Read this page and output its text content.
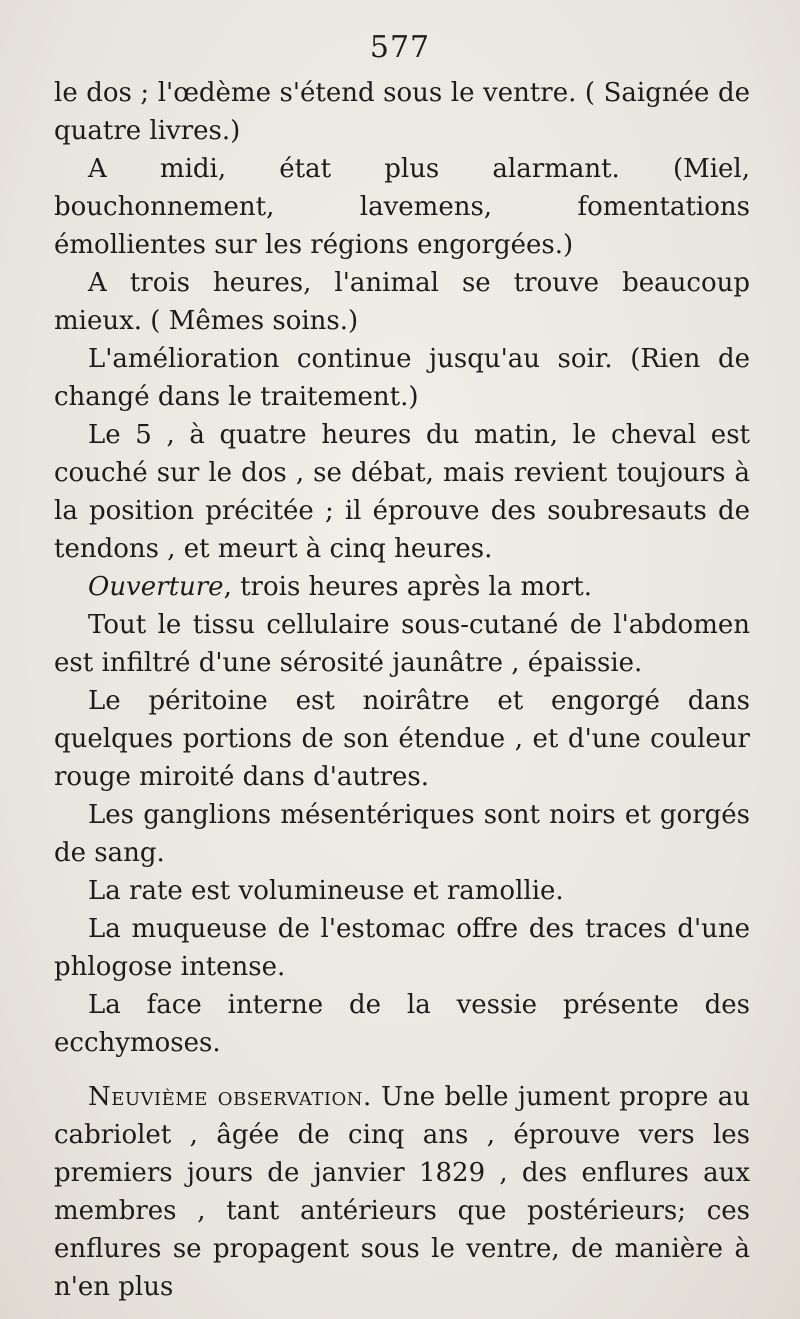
577

le dos ; l'œdème s'étend sous le ventre. ( Saignée de quatre livres.)

A midi, état plus alarmant. (Miel, bouchonnement, lavemens, fomentations émollientes sur les régions engorgées.)

A trois heures, l'animal se trouve beaucoup mieux. ( Mêmes soins.)

L'amélioration continue jusqu'au soir. (Rien de changé dans le traitement.)

Le 5 , à quatre heures du matin, le cheval est couché sur le dos , se débat, mais revient toujours à la position précitée ; il éprouve des soubresauts de tendons , et meurt à cinq heures.

Ouverture, trois heures après la mort.

Tout le tissu cellulaire sous-cutané de l'abdomen est infiltré d'une sérosité jaunâtre , épaissie.

Le péritoine est noirâtre et engorgé dans quelques portions de son étendue , et d'une couleur rouge miroité dans d'autres.

Les ganglions mésentériques sont noirs et gorgés de sang.

La rate est volumineuse et ramollie.

La muqueuse de l'estomac offre des traces d'une phlogose intense.

La face interne de la vessie présente des ecchymoses.

Neuvième observation. Une belle jument propre au cabriolet , âgée de cinq ans , éprouve vers les premiers jours de janvier 1829 , des enflures aux membres , tant antérieurs que postérieurs; ces enflures se propagent sous le ventre, de manière à n'en plus
